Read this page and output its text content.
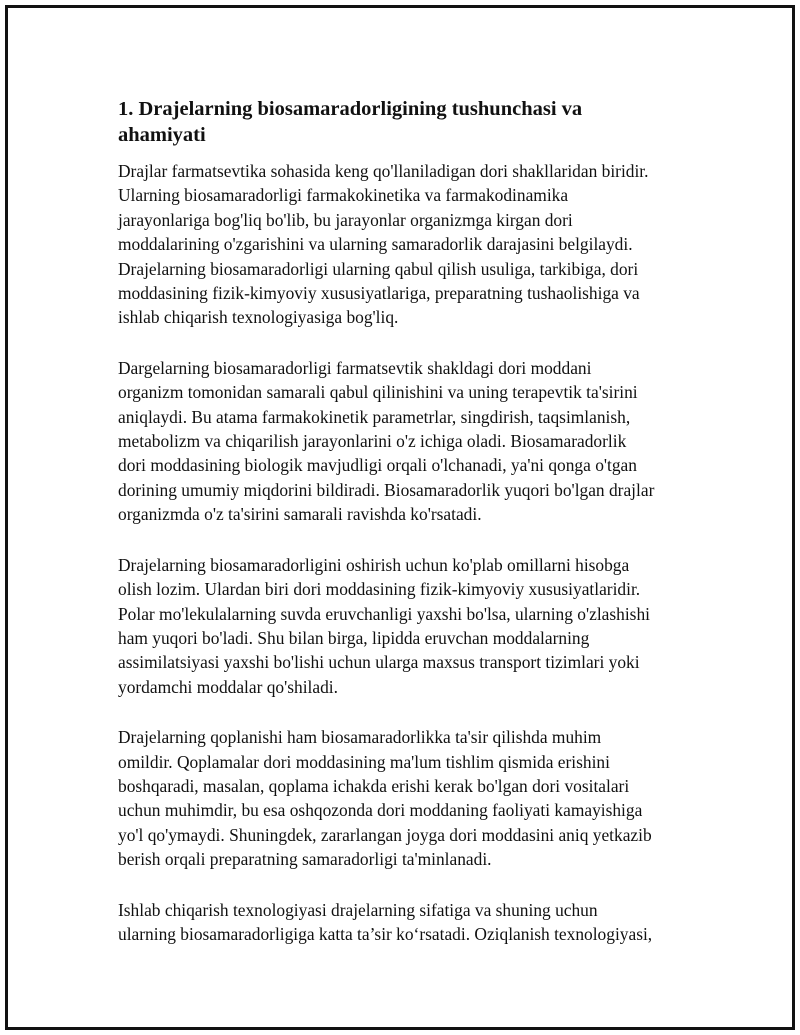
1. Drajelarning biosamaradorligining tushunchasi va
ahamiyati

Drajlar farmatsevtika sohasida keng qo'llaniladigan dori shakllaridan biridir.
Ularning biosamaradorligi farmakokinetika va farmakodinamika
jarayonlariga bog'liq bo'lib, bu jarayonlar organizmga kirgan dori
moddalarining o'zgarishini va ularning samaradorlik darajasini belgilaydi.
Drajelarning biosamaradorligi ularning qabul qilish usuliga, tarkibiga, dori
moddasining fizik-kimyoviy xususiyatlariga, preparatning tushaolishiga va
ishlab chiqarish texnologiyasiga bog'liq.

Dargelarning biosamaradorligi farmatsevtik shakldagi dori moddani
organizm tomonidan samarali qabul qilinishini va uning terapevtik ta'sirini
aniqlaydi. Bu atama farmakokinetik parametrlar, singdirish, taqsimlanish,
metabolizm va chiqarilish jarayonlarini o'z ichiga oladi. Biosamaradorlik
dori moddasining biologik mavjudligi orqali o'lchanadi, ya'ni qonga o'tgan
dorining umumiy miqdorini bildiradi. Biosamaradorlik yuqori bo'lgan drajlar
organizmda o'z ta'sirini samarali ravishda ko'rsatadi.

Drajelarning biosamaradorligini oshirish uchun ko'plab omillarni hisobga
olish lozim. Ulardan biri dori moddasining fizik-kimyoviy xususiyatlaridir.
Polar mo'lekulalarning suvda eruvchanligi yaxshi bo'lsa, ularning o'zlashishi
ham yuqori bo'ladi. Shu bilan birga, lipidda eruvchan moddalarning
assimilatsiyasi yaxshi bo'lishi uchun ularga maxsus transport tizimlari yoki
yordamchi moddalar qo'shiladi.

Drajelarning qoplanishi ham biosamaradorlikka ta'sir qilishda muhim
omildir. Qoplamalar dori moddasining ma'lum tishlim qismida erishini
boshqaradi, masalan, qoplama ichakda erishi kerak bo'lgan dori vositalari
uchun muhimdir, bu esa oshqozonda dori moddaning faoliyati kamayishiga
yo'l qo'ymaydi. Shuningdek, zararlangan joyga dori moddasini aniq yetkazib
berish orqali preparatning samaradorligi ta'minlanadi.

Ishlab chiqarish texnologiyasi drajelarning sifatiga va shuning uchun
ularning biosamaradorligiga katta ta’sir ko‘rsatadi. Oziqlanish texnologiyasi,
